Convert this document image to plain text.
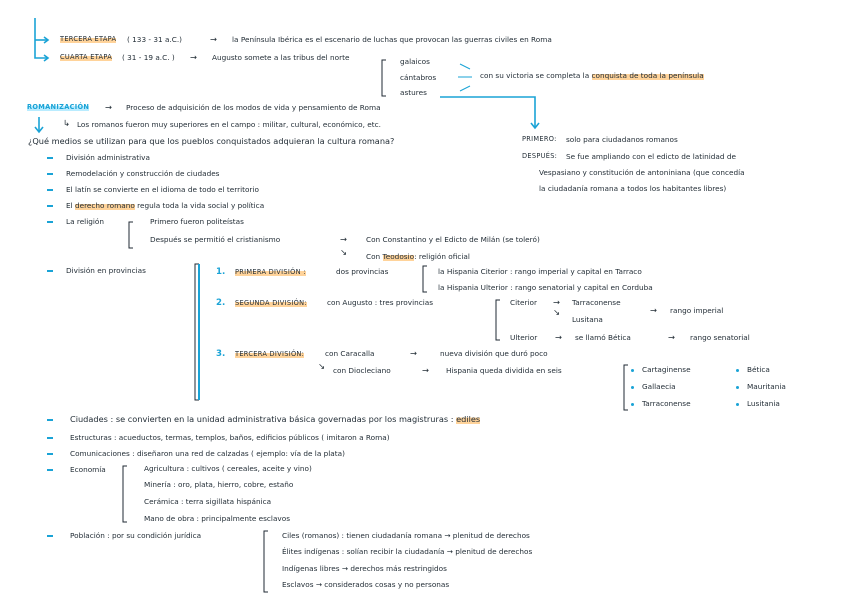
TERCERA ETAPA ( 133 - 31 a.C.)	→ la Península Ibérica es el escenario de luchas que provocan las guerras civiles en Roma
CUARTA ETAPA ( 31 - 19 a.C. ) → Augusto somete a las tribus del norte	galaicos
cántabros
astures
con su victoria se completa la conquista de toda la península
ROMANIZACIÓN → Proceso de adquisición de los modos de vida y pensamiento de Roma
↳ Los romanos fueron muy superiores en el campo : militar, cultural, económico, etc.
¿Qué medios se utilizan para que los pueblos conquistados adquieran la cultura romana?	PRIMERO: solo para ciudadanos romanos
DESPUÉS: Se fue ampliando con el edicto de latinidad de
Vespasiano y constitución de antoniniana (que concedía
la ciudadanía romana a todos los habitantes libres)
División administrativa
Remodelación y construcción de ciudades
El latín se convierte en el idioma de todo el territorio
El derecho romano regula toda la vida social y política
La religión	Primero fueron politeístas
Después se permitió el cristianismo	→	Con Constantino y el Edicto de Milán (se toleró)
↘	Con Teodosio: religión oficial
División en provincias	1. PRIMERA DIVISIÓN :	dos provincias	la Hispania Citerior : rango imperial y capital en Tarraco
la Hispania Ulterior : rango senatorial y capital en Corduba
2. SEGUNDA DIVISIÓN:	con Augusto : tres provincias	Citerior → Tarraconense
↘
Lusitana
→ rango imperial
Ulterior → se llamó Bética	→ rango senatorial
3. TERCERA DIVISIÓN:	con Caracalla	→	nueva división que duró poco
↘ con Diocleciano	→ Hispania queda dividida en seis	Cartaginense
Gallaecia
Tarraconense
Bética
Mauritania
Lusitania
Ciudades : se convierten en la unidad administrativa básica governadas por los magistruras : ediles
Estructuras : acueductos, termas, templos, baños, edificios públicos ( imitaron a Roma)
Comunicaciones : diseñaron una red de calzadas ( ejemplo: vía de la plata)
Economía	Agricultura : cultivos ( cereales, aceite y vino)
Minería : oro, plata, hierro, cobre, estaño
Cerámica : terra sigillata hispánica
Mano de obra : principalmente esclavos
Población : por su condición jurídica	Ciles (romanos) : tienen ciudadanía romana → plenitud de derechos
Élites indígenas : solían recibir la ciudadanía → plenitud de derechos
Indígenas libres → derechos más restringidos
Esclavos → considerados cosas y no personas
